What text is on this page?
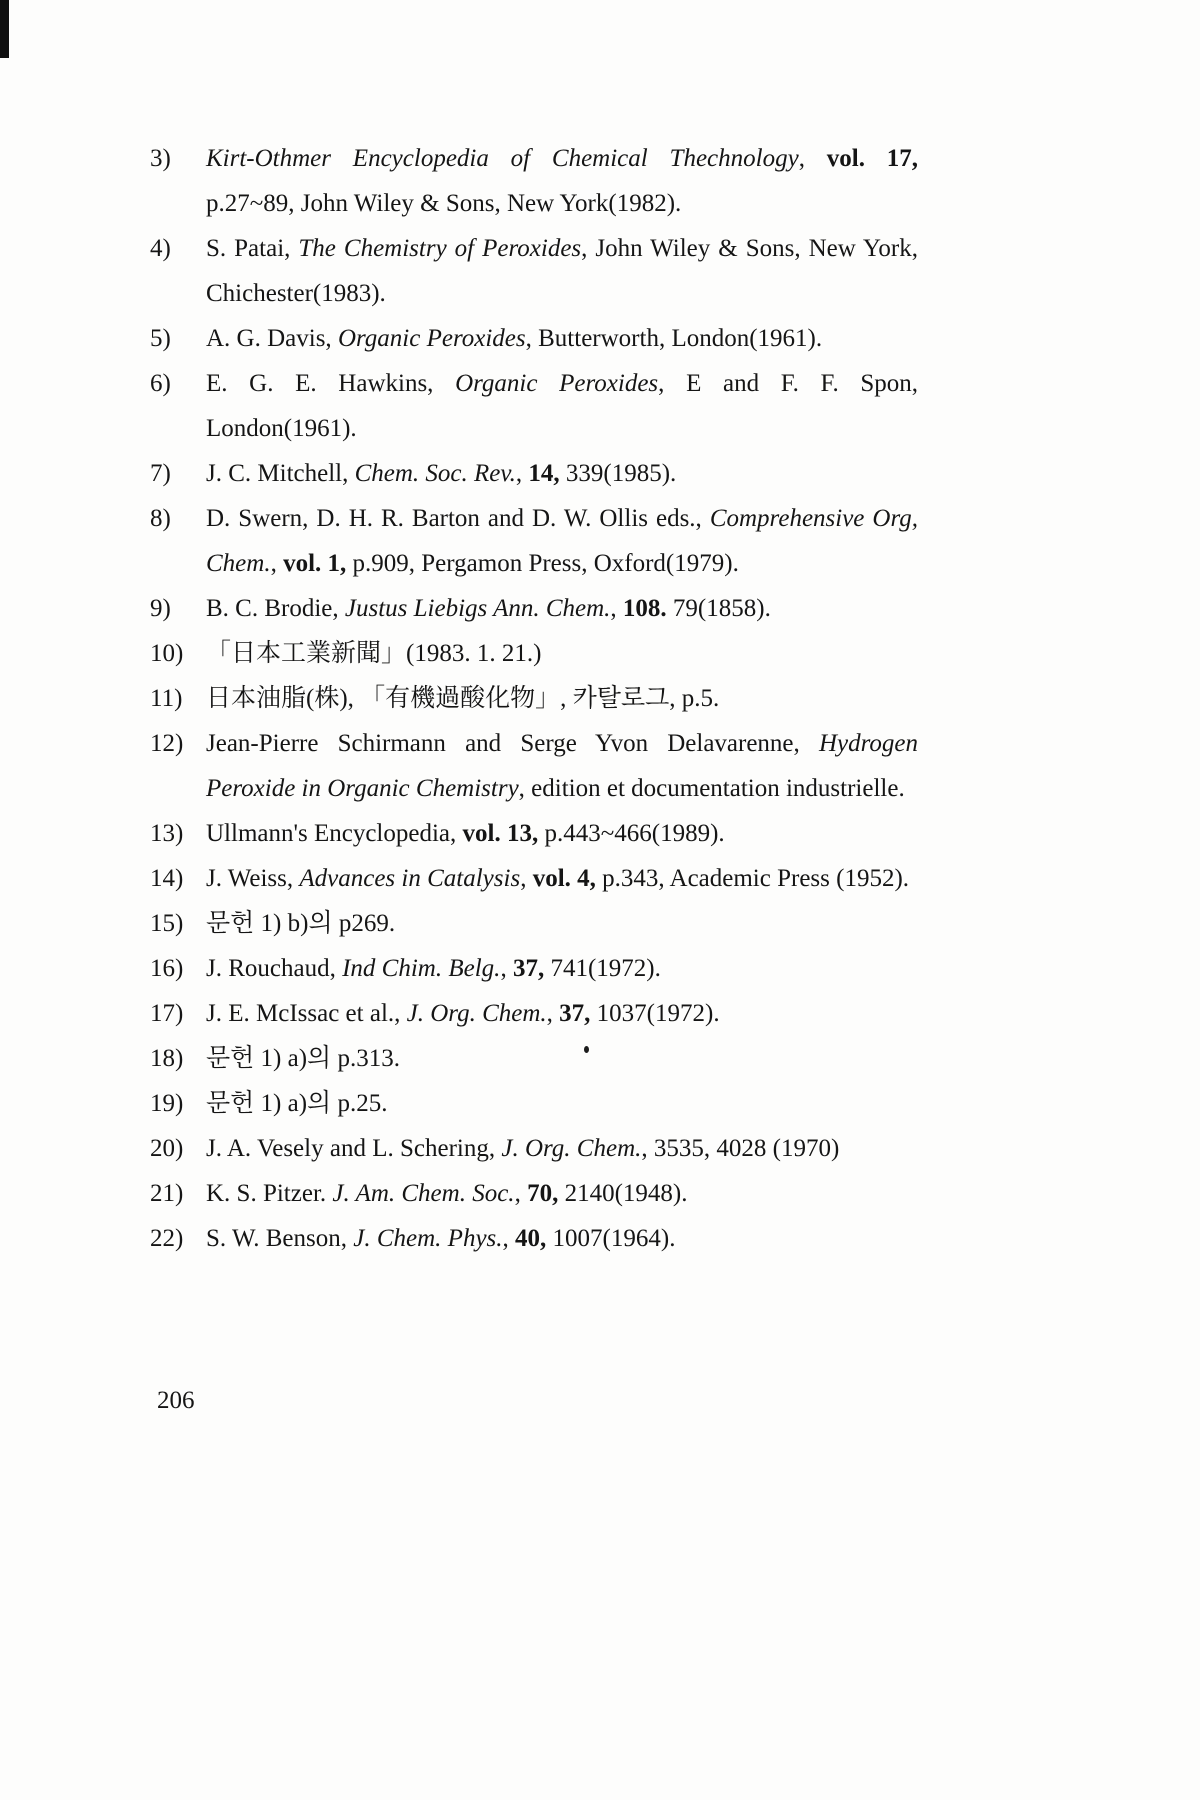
3)	Kirt-Othmer Encyclopedia of Chemical Thechnology, vol. 17, p.27~89, John Wiley & Sons, New York(1982).
4)	S. Patai, The Chemistry of Peroxides, John Wiley & Sons, New York, Chichester(1983).
5)	A. G. Davis, Organic Peroxides, Butterworth, London(1961).
6)	E. G. E. Hawkins, Organic Peroxides, E and F. F. Spon, London(1961).
7)	J. C. Mitchell, Chem. Soc. Rev., 14, 339(1985).
8)	D. Swern, D. H. R. Barton and D. W. Ollis eds., Comprehensive Org, Chem., vol. 1, p.909, Pergamon Press, Oxford(1979).
9)	B. C. Brodie, Justus Liebigs Ann. Chem., 108. 79(1858).
10) 「日本工業新聞」(1983. 1. 21.)
11) 日本油脂(株), 「有機過酸化物」, 카탈로그, p.5.
12) Jean-Pierre Schirmann and Serge Yvon Delavarenne, Hydrogen Peroxide in Organic Chemistry, edition et documentation industrielle.
13) Ullmann's Encyclopedia, vol. 13, p.443~466(1989).
14) J. Weiss, Advances in Catalysis, vol. 4, p.343, Academic Press (1952).
15) 문헌 1) b)의 p269.
16) J. Rouchaud, Ind Chim. Belg., 37, 741(1972).
17) J. E. McIssac et al., J. Org. Chem., 37, 1037(1972).
18) 문헌 1) a)의 p.313.
19) 문헌 1) a)의 p.25.
20) J. A. Vesely and L. Schering, J. Org. Chem., 3535, 4028 (1970)
21) K. S. Pitzer. J. Am. Chem. Soc., 70, 2140(1948).
22) S. W. Benson, J. Chem. Phys., 40, 1007(1964).
206
